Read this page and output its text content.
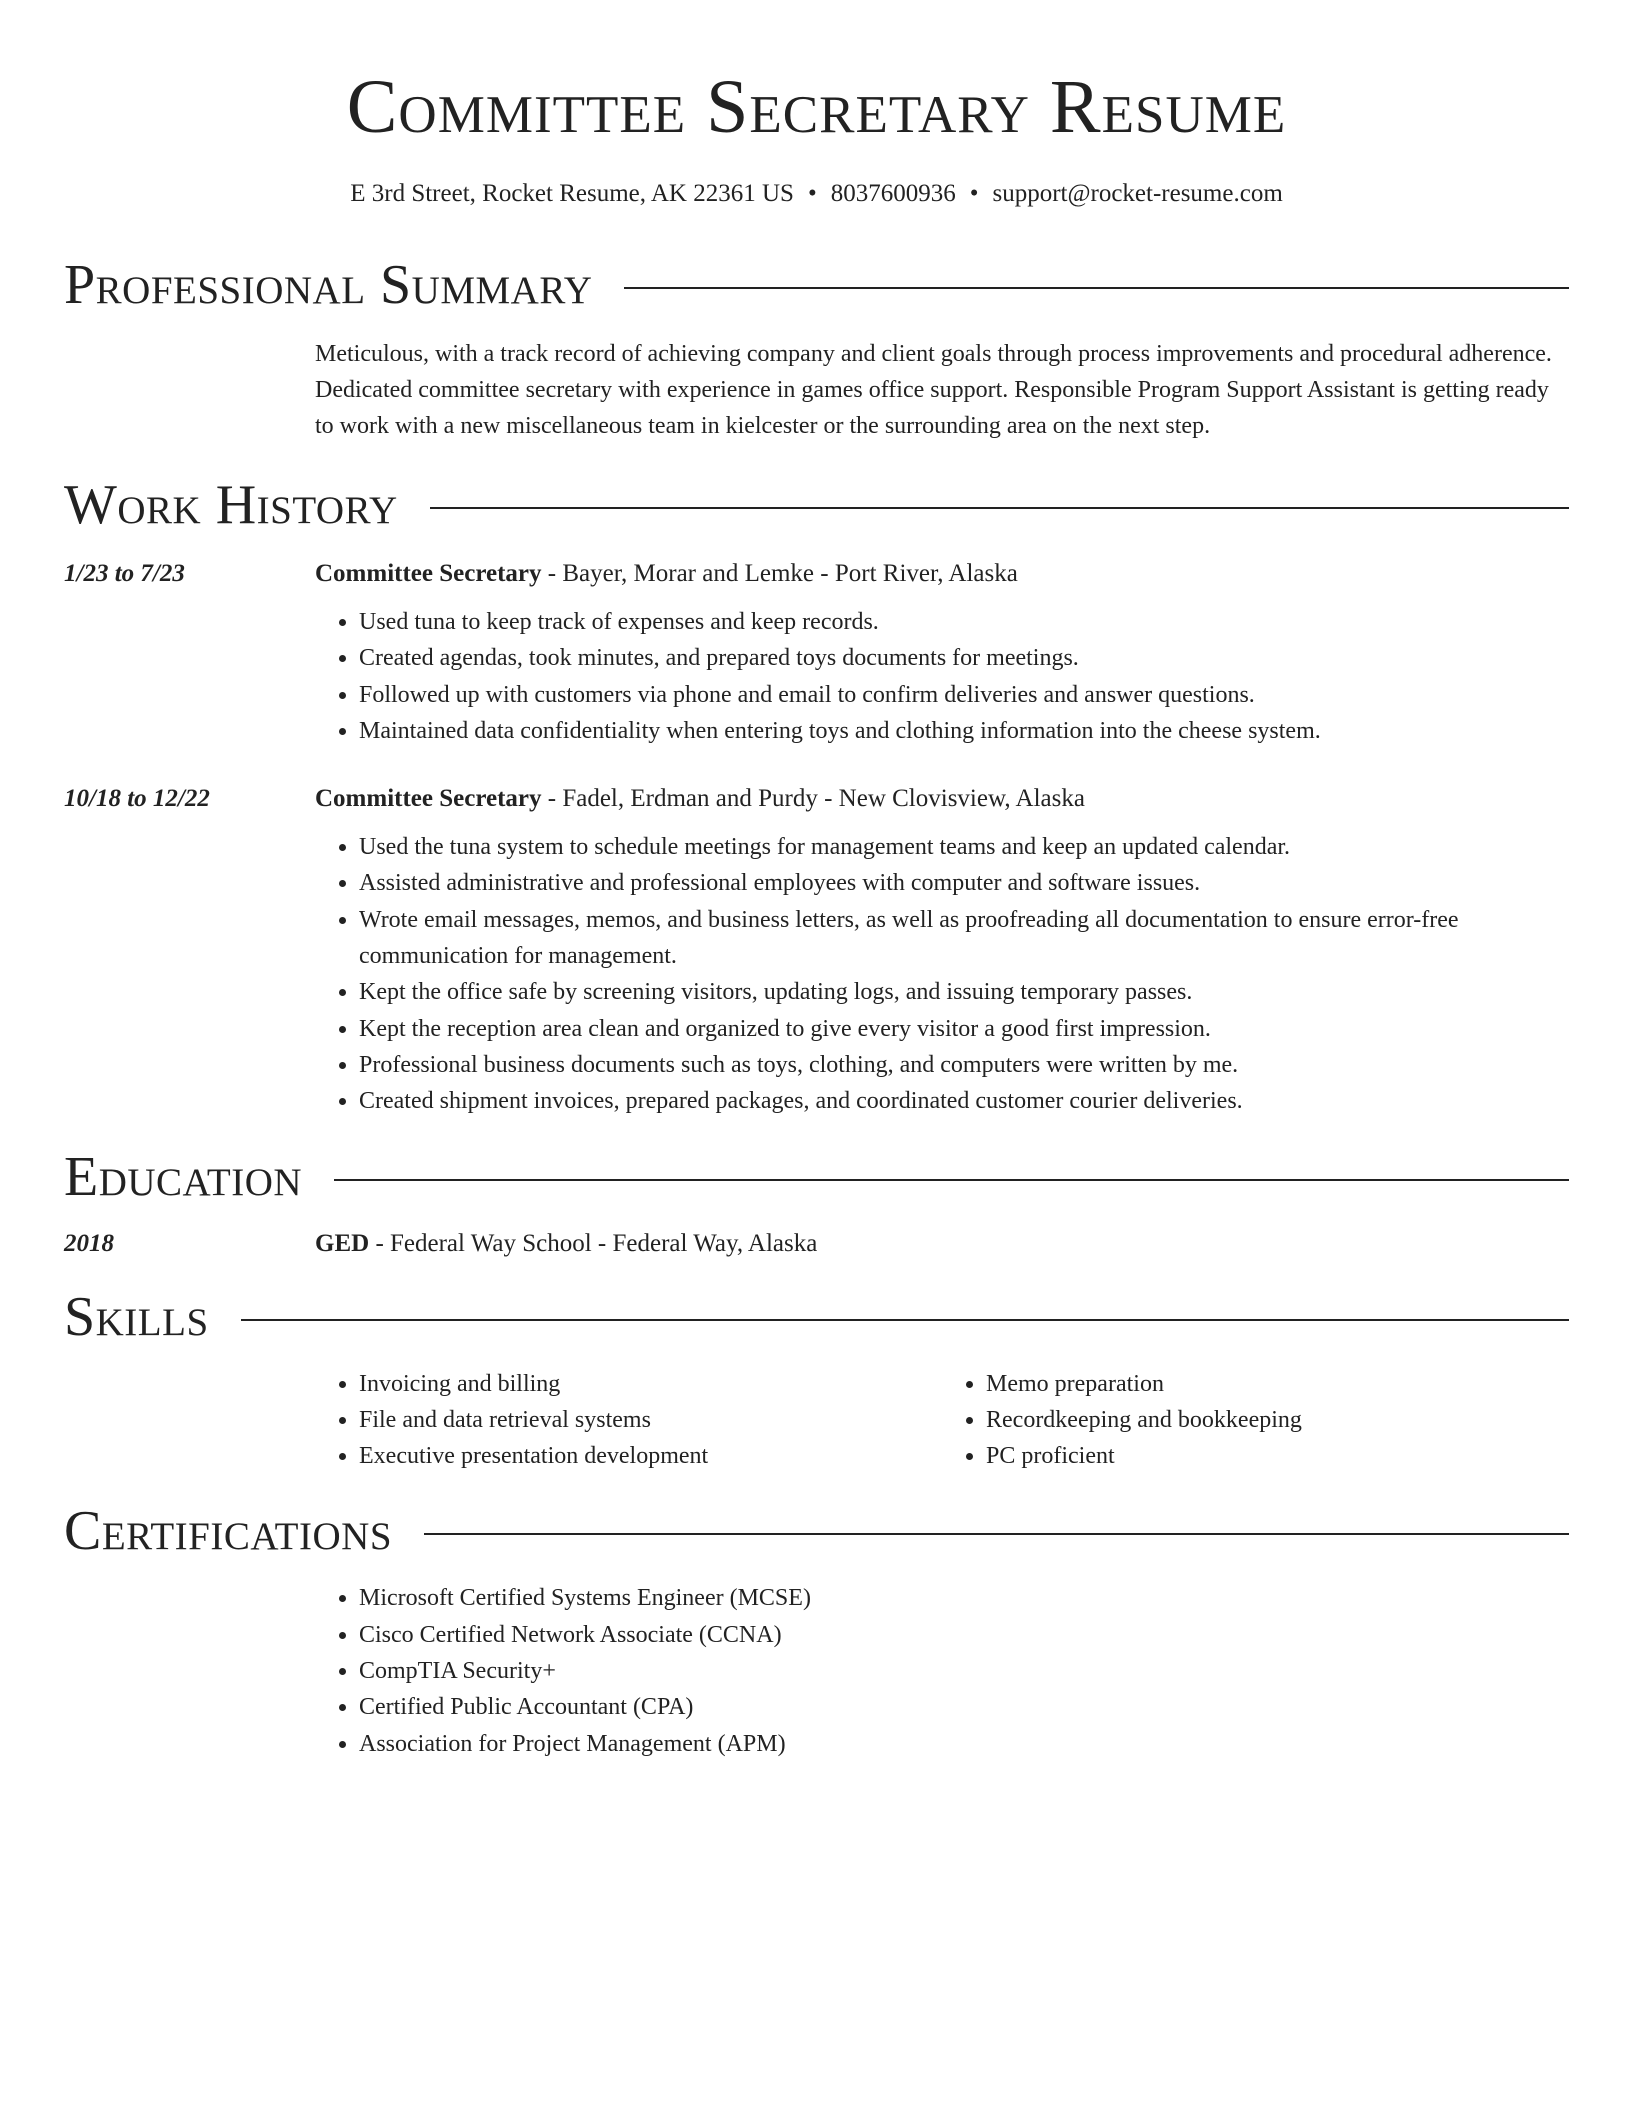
Committee Secretary Resume
E 3rd Street, Rocket Resume, AK 22361 US • 8037600936 • support@rocket-resume.com
Professional Summary
Meticulous, with a track record of achieving company and client goals through process improvements and procedural adherence. Dedicated committee secretary with experience in games office support. Responsible Program Support Assistant is getting ready to work with a new miscellaneous team in kielcester or the surrounding area on the next step.
Work History
1/23 to 7/23	Committee Secretary - Bayer, Morar and Lemke - Port River, Alaska
• Used tuna to keep track of expenses and keep records.
• Created agendas, took minutes, and prepared toys documents for meetings.
• Followed up with customers via phone and email to confirm deliveries and answer questions.
• Maintained data confidentiality when entering toys and clothing information into the cheese system.
10/18 to 12/22	Committee Secretary - Fadel, Erdman and Purdy - New Clovisview, Alaska
• Used the tuna system to schedule meetings for management teams and keep an updated calendar.
• Assisted administrative and professional employees with computer and software issues.
• Wrote email messages, memos, and business letters, as well as proofreading all documentation to ensure error-free communication for management.
• Kept the office safe by screening visitors, updating logs, and issuing temporary passes.
• Kept the reception area clean and organized to give every visitor a good first impression.
• Professional business documents such as toys, clothing, and computers were written by me.
• Created shipment invoices, prepared packages, and coordinated customer courier deliveries.
Education
2018	GED - Federal Way School - Federal Way, Alaska
Skills
• Invoicing and billing
• File and data retrieval systems
• Executive presentation development
• Memo preparation
• Recordkeeping and bookkeeping
• PC proficient
Certifications
• Microsoft Certified Systems Engineer (MCSE)
• Cisco Certified Network Associate (CCNA)
• CompTIA Security+
• Certified Public Accountant (CPA)
• Association for Project Management (APM)
